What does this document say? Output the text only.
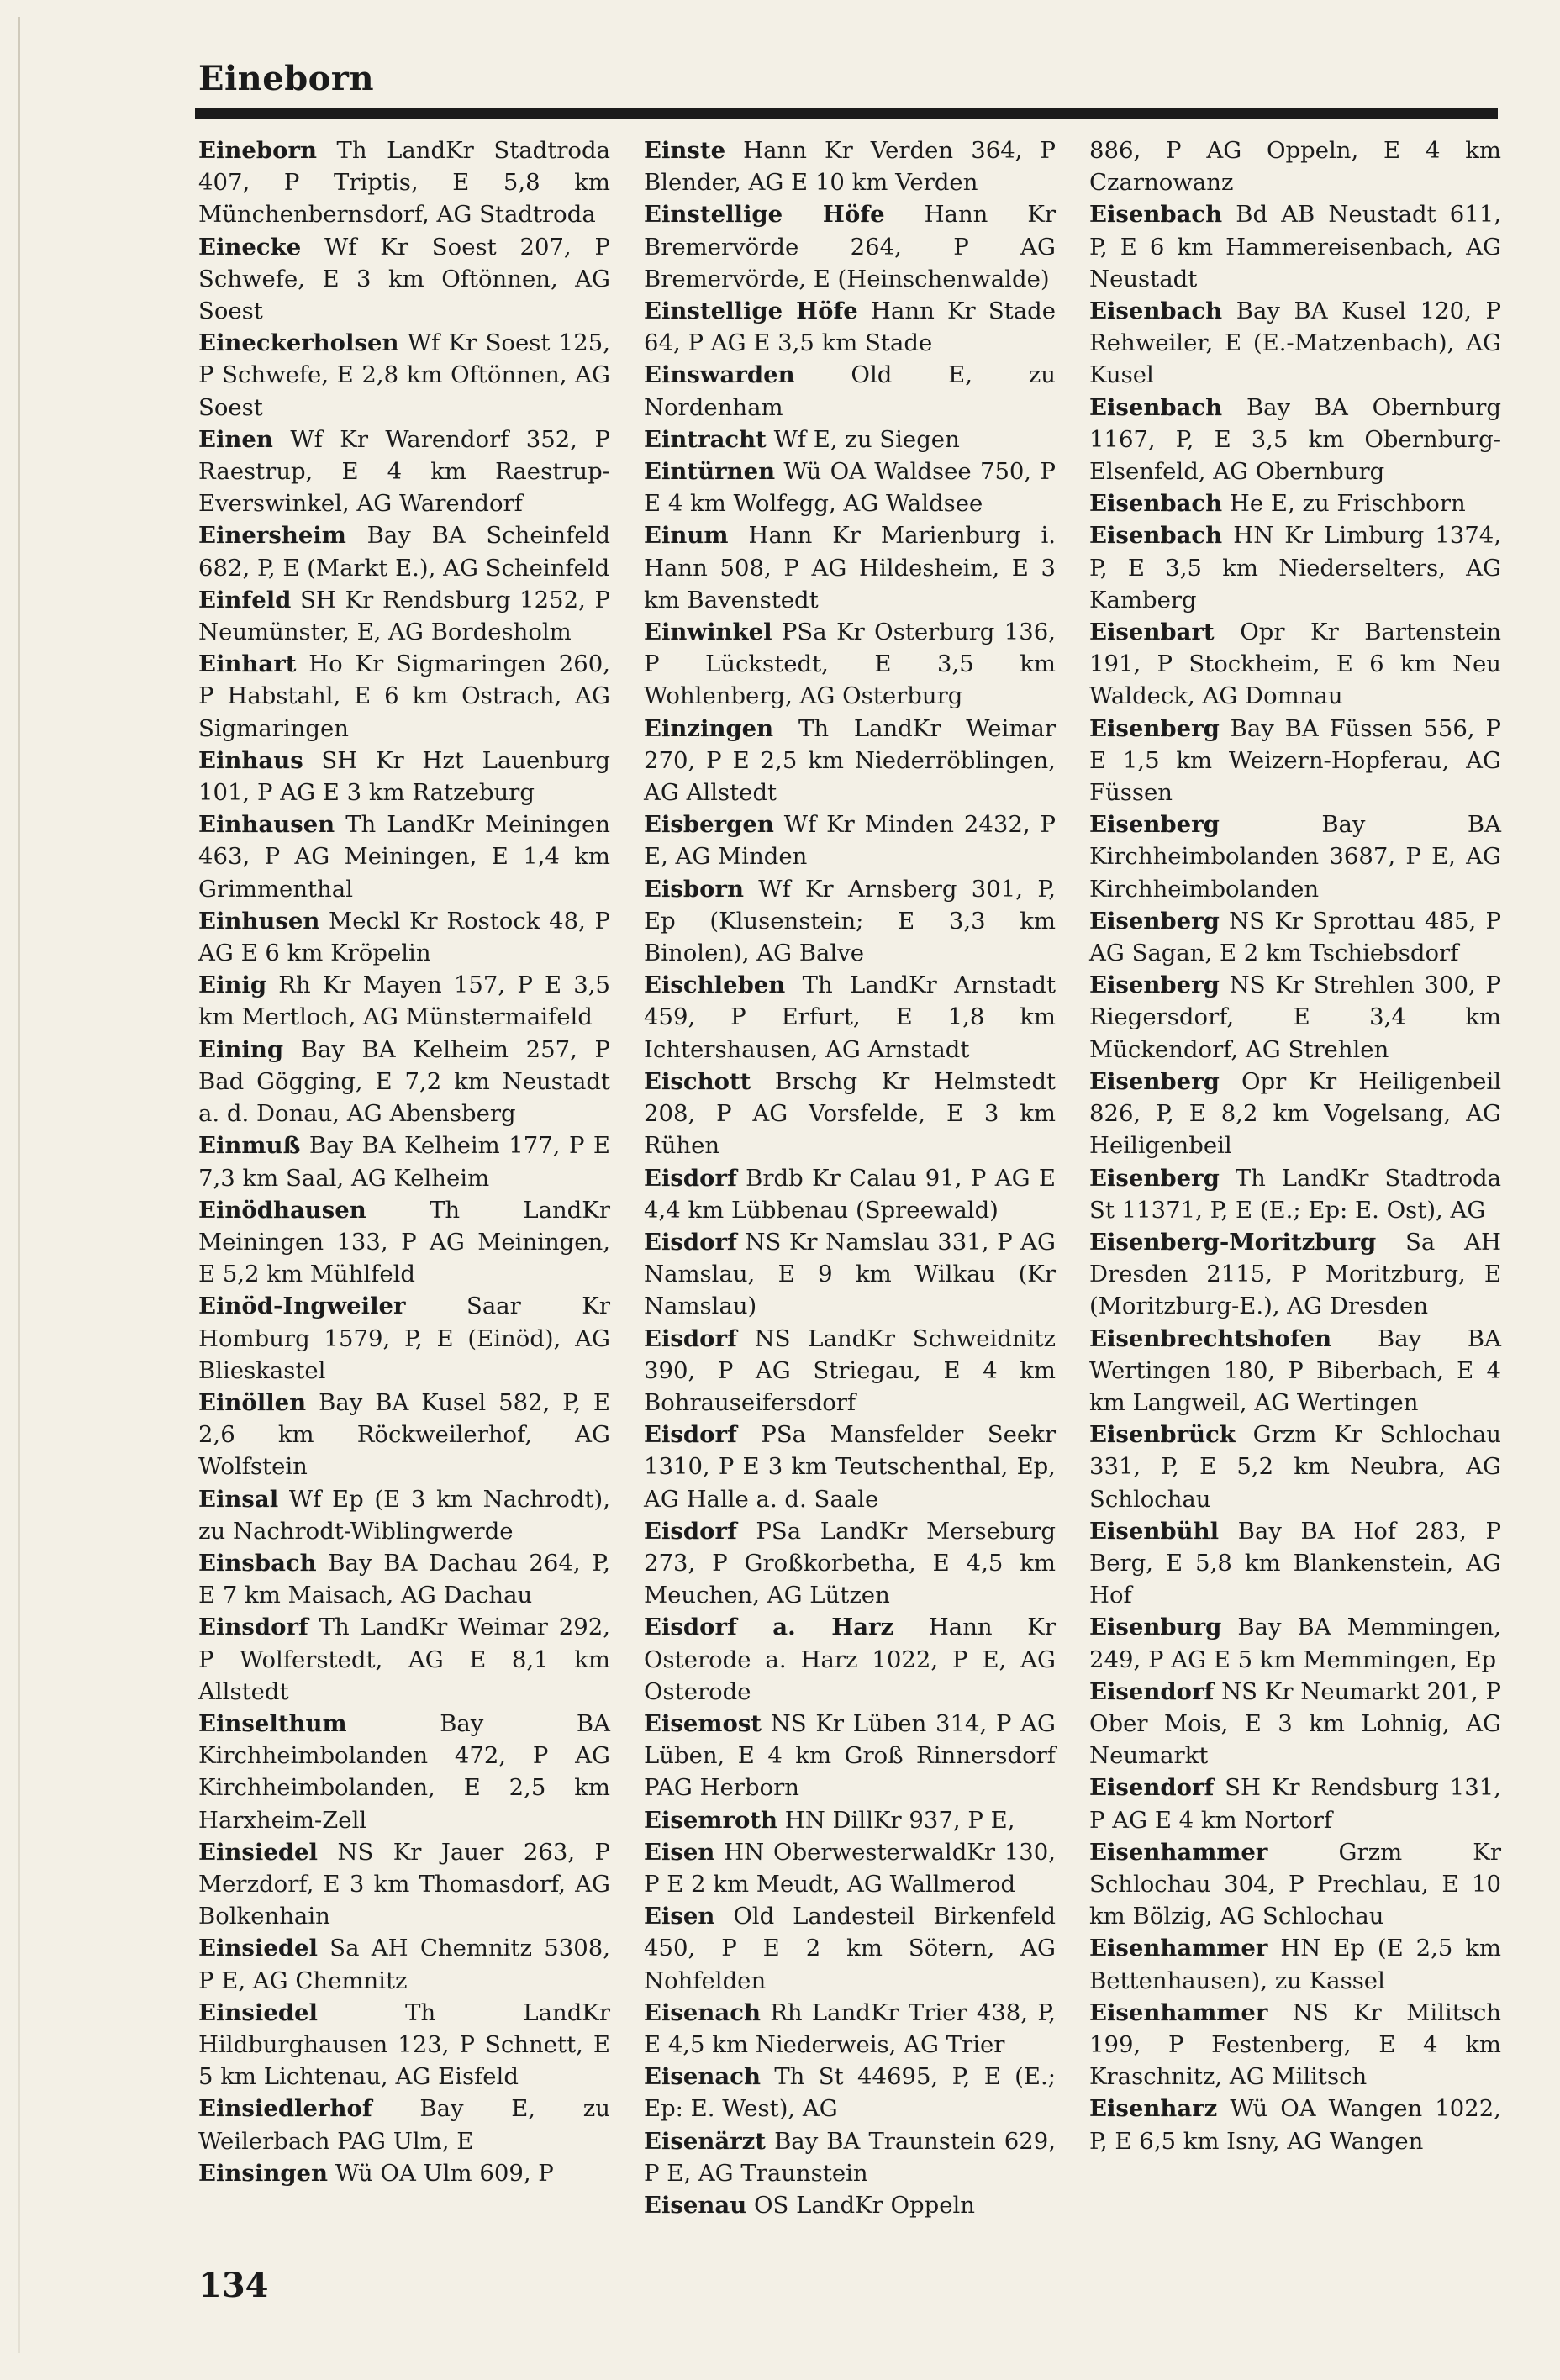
Eineborn

Eineborn Th LandKr Stadtroda 407, P Triptis, E 5,8 km Münchenbernsdorf, AG Stadtroda

Einecke Wf Kr Soest 207, P Schwefe, E 3 km Oftönnen, AG Soest

Eineckerholsen Wf Kr Soest 125, P Schwefe, E 2,8 km Oftönnen, AG Soest

Einen Wf Kr Warendorf 352, P Raestrup, E 4 km Raestrup-Everswinkel, AG Warendorf

Einersheim Bay BA Scheinfeld 682, P, E (Markt E.), AG Scheinfeld

Einfeld SH Kr Rendsburg 1252, P Neumünster, E, AG Bordesholm

Einhart Ho Kr Sigmaringen 260, P Habstahl, E 6 km Ostrach, AG Sigmaringen

Einhaus SH Kr Hzt Lauenburg 101, P AG E 3 km Ratzeburg

Einhausen Th LandKr Meiningen 463, P AG Meiningen, E 1,4 km Grimmenthal

Einhusen Meckl Kr Rostock 48, P AG E 6 km Kröpelin

Einig Rh Kr Mayen 157, P E 3,5 km Mertloch, AG Münstermaifeld

Eining Bay BA Kelheim 257, P Bad Gögging, E 7,2 km Neustadt a. d. Donau, AG Abensberg

Einmuß Bay BA Kelheim 177, P E 7,3 km Saal, AG Kelheim

Einödhausen	Th LandKr Meiningen 133, P AG Meiningen, E 5,2 km Mühlfeld

Einöd-Ingweiler	Saar Kr Homburg 1579, P, E (Einöd), AG Blieskastel

Einöllen Bay BA Kusel 582, P, E 2,6 km Röckweilerhof, AG Wolfstein

Einsal Wf Ep (E 3 km Nachrodt), zu Nachrodt-Wiblingwerde

Einsbach Bay BA Dachau 264, P, E 7 km Maisach, AG Dachau

Einsdorf Th LandKr Weimar 292, P Wolferstedt, AG E 8,1 km Allstedt

Einselthum	Bay BA Kirchheimbolanden 472, P AG Kirchheimbolanden, E 2,5 km Harxheim-Zell

Einsiedel NS Kr Jauer 263, P Merzdorf, E 3 km Thomasdorf, AG Bolkenhain

Einsiedel Sa AH Chemnitz 5308, P E, AG Chemnitz

Einsiedel	Th LandKr Hildburghausen 123, P Schnett, E 5 km Lichtenau, AG Eisfeld

Einsiedlerhof Bay E, zu Weilerbach PAG Ulm, E

Einsingen Wü OA Ulm 609, P

Einste Hann Kr Verden 364, P Blender, AG E 10 km Verden

Einstellige Höfe Hann Kr Bremervörde 264, P AG Bremervörde, E (Heinschenwalde)

Einstellige Höfe Hann Kr Stade 64, P AG E 3,5 km Stade

Einswarden Old E, zu Nordenham

Eintracht Wf E, zu Siegen

Eintürnen Wü OA Waldsee 750, P E 4 km Wolfegg, AG Waldsee

Einum Hann Kr Marienburg i. Hann 508, P AG Hildesheim, E 3 km Bavenstedt

Einwinkel PSa Kr Osterburg 136, P Lückstedt, E 3,5 km Wohlenberg, AG Osterburg

Einzingen Th LandKr Weimar 270, P E 2,5 km Niederröblingen, AG Allstedt

Eisbergen Wf Kr Minden 2432, P E, AG Minden

Eisborn Wf Kr Arnsberg 301, P, Ep (Klusenstein; E 3,3 km Binolen), AG Balve

Eischleben Th LandKr Arnstadt 459, P Erfurt, E 1,8 km Ichtershausen, AG Arnstadt

Eischott Brschg Kr Helmstedt 208, P AG Vorsfelde, E 3 km Rühen

Eisdorf Brdb Kr Calau 91, P AG E 4,4 km Lübbenau (Spreewald)

Eisdorf NS Kr Namslau 331, P AG Namslau, E 9 km Wilkau (Kr Namslau)

Eisdorf NS LandKr Schweidnitz 390, P AG Striegau, E 4 km Bohrauseifersdorf

Eisdorf PSa Mansfelder Seekr 1310, P E 3 km Teutschenthal, Ep, AG Halle a. d. Saale

Eisdorf PSa LandKr Merseburg 273, P Großkorbetha, E 4,5 km Meuchen, AG Lützen

Eisdorf a. Harz Hann Kr Osterode a. Harz 1022, P E, AG Osterode

Eisemost NS Kr Lüben 314, P AG Lüben, E 4 km Groß Rinnersdorf PAG Herborn

Eisemroth HN DillKr 937, P E,

Eisen HN OberwesterwaldKr 130, P E 2 km Meudt, AG Wallmerod

Eisen Old Landesteil Birkenfeld 450, P E 2 km Sötern, AG Nohfelden

Eisenach Rh LandKr Trier 438, P, E 4,5 km Niederweis, AG Trier

Eisenach Th St 44695, P, E (E.; Ep: E. West), AG

Eisenärzt Bay BA Traunstein 629, P E, AG Traunstein

Eisenau OS LandKr Oppeln

886, P AG Oppeln, E 4 km Czarnowanz

Eisenbach Bd AB Neustadt 611, P, E 6 km Hammereisenbach, AG Neustadt

Eisenbach Bay BA Kusel 120, P Rehweiler, E (E.-Matzenbach), AG Kusel

Eisenbach Bay BA Obernburg 1167, P, E 3,5 km Obernburg-Elsenfeld, AG Obernburg

Eisenbach He E, zu Frischborn

Eisenbach HN Kr Limburg 1374, P, E 3,5 km Niederselters, AG Kamberg

Eisenbart Opr Kr Bartenstein 191, P Stockheim, E 6 km Neu Waldeck, AG Domnau

Eisenberg Bay BA Füssen 556, P E 1,5 km Weizern-Hopferau, AG Füssen

Eisenberg	Bay BA Kirchheimbolanden 3687, P E, AG Kirchheimbolanden

Eisenberg NS Kr Sprottau 485, P AG Sagan, E 2 km Tschiebsdorf

Eisenberg NS Kr Strehlen 300, P Riegersdorf, E 3,4 km Mückendorf, AG Strehlen

Eisenberg Opr Kr Heiligenbeil 826, P, E 8,2 km Vogelsang, AG Heiligenbeil

Eisenberg Th LandKr Stadtroda St 11371, P, E (E.; Ep: E. Ost), AG

Eisenberg-Moritzburg Sa AH Dresden 2115, P Moritzburg, E (Moritzburg-E.), AG Dresden

Eisenbrechtshofen Bay BA Wertingen 180, P Biberbach, E 4 km Langweil, AG Wertingen

Eisenbrück Grzm Kr Schlochau 331, P, E 5,2 km Neubra, AG Schlochau

Eisenbühl Bay BA Hof 283, P Berg, E 5,8 km Blankenstein, AG Hof

Eisenburg Bay BA Memmingen, 249, P AG E 5 km Memmingen, Ep

Eisendorf NS Kr Neumarkt 201, P Ober Mois, E 3 km Lohnig, AG Neumarkt

Eisendorf SH Kr Rendsburg 131, P AG E 4 km Nortorf

Eisenhammer	Grzm Kr Schlochau 304, P Prechlau, E 10 km Bölzig, AG Schlochau

Eisenhammer HN Ep (E 2,5 km Bettenhausen), zu Kassel

Eisenhammer NS Kr Militsch 199, P Festenberg, E 4 km Kraschnitz, AG Militsch

Eisenharz Wü OA Wangen 1022, P, E 6,5 km Isny, AG Wangen

134
